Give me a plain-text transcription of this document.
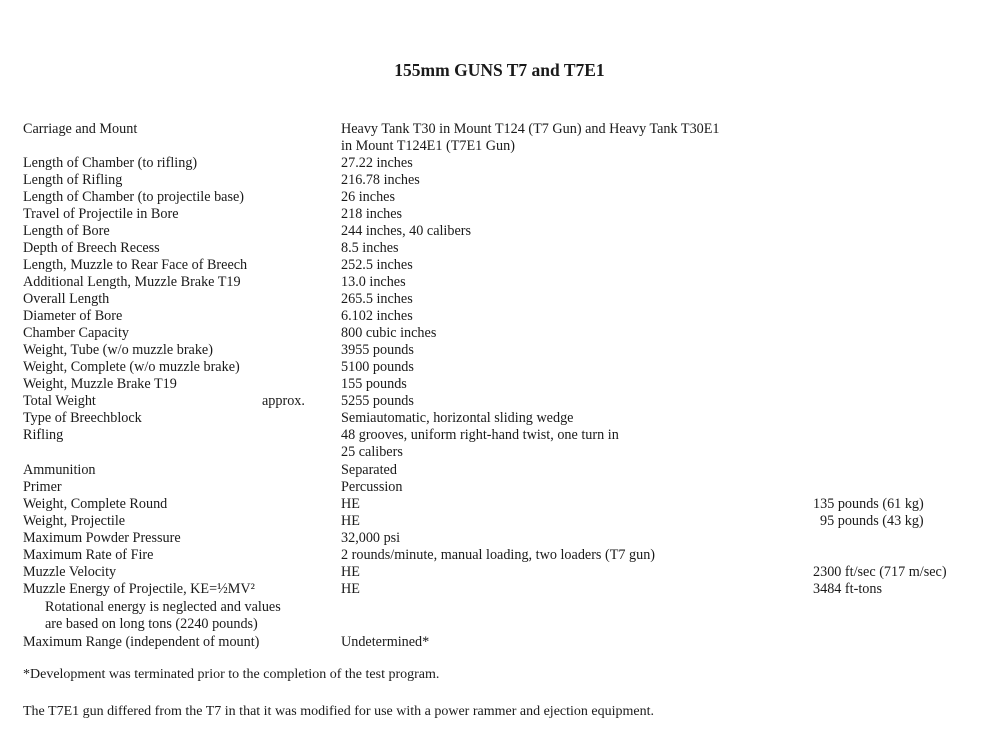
155mm GUNS T7 and T7E1
Carriage and Mount	Heavy Tank T30 in Mount T124 (T7 Gun) and Heavy Tank T30E1
in Mount T124E1 (T7E1 Gun)
Length of Chamber (to rifling)	27.22 inches
Length of Rifling	216.78 inches
Length of Chamber (to projectile base)	26 inches
Travel of Projectile in Bore	218 inches
Length of Bore	244 inches, 40 calibers
Depth of Breech Recess	8.5 inches
Length, Muzzle to Rear Face of Breech	252.5 inches
Additional Length, Muzzle Brake T19	13.0 inches
Overall Length	265.5 inches
Diameter of Bore	6.102 inches
Chamber Capacity	800 cubic inches
Weight, Tube (w/o muzzle brake)	3955 pounds
Weight, Complete (w/o muzzle brake)	5100 pounds
Weight, Muzzle Brake T19	155 pounds
Total Weight	approx.	5255 pounds
Type of Breechblock	Semiautomatic, horizontal sliding wedge
Rifling	48 grooves, uniform right-hand twist, one turn in
25 calibers
Ammunition	Separated
Primer	Percussion
Weight, Complete Round	HE	135 pounds (61 kg)
Weight, Projectile	HE	95 pounds (43 kg)
Maximum Powder Pressure	32,000 psi
Maximum Rate of Fire	2 rounds/minute, manual loading, two loaders (T7 gun)
Muzzle Velocity	HE	2300 ft/sec (717 m/sec)
Muzzle Energy of Projectile, KE=½MV²	HE	3484 ft-tons
Rotational energy is neglected and values
are based on long tons (2240 pounds)
Maximum Range (independent of mount)	Undetermined*
*Development was terminated prior to the completion of the test program.
The T7E1 gun differed from the T7 in that it was modified for use with a power rammer and ejection equipment.
